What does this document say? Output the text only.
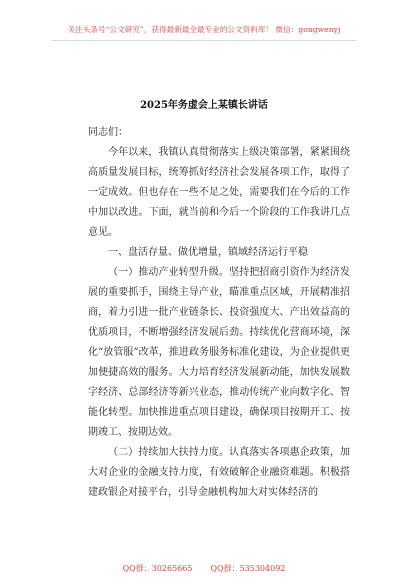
关注头条号“公文研究”，获得最新最全最专业的公文资料库！ 微信：gongwenyj
2025年务虚会上某镇长讲话

同志们：

今年以来，我镇认真贯彻落实上级决策部署，紧紧围绕高质量发展目标，统筹抓好经济社会发展各项工作，取得了一定成效。但也存在一些不足之处，需要我们在今后的工作中加以改进。下面，就当前和今后一个阶段的工作我讲几点意见。

一、盘活存量、做优增量，镇域经济运行平稳

（一）推动产业转型升级。坚持把招商引资作为经济发展的重要抓手，围绕主导产业，瞄准重点区域，开展精准招商，着力引进一批产业链条长、投资强度大、产出效益高的优质项目，不断增强经济发展后劲。持续优化营商环境，深化“放管服”改革，推进政务服务标准化建设，为企业提供更加便捷高效的服务。大力培育经济发展新动能，加快发展数字经济、总部经济等新兴业态，推动传统产业向数字化、智能化转型。加快推进重点项目建设，确保项目按期开工、按期竣工、按期达效。

（二）持续加大扶持力度。认真落实各项惠企政策，加大对企业的金融支持力度，有效破解企业融资难题。积极搭建政银企对接平台，引导金融机构加大对实体经济的

QQ群：30265665 QQ群：535304092
